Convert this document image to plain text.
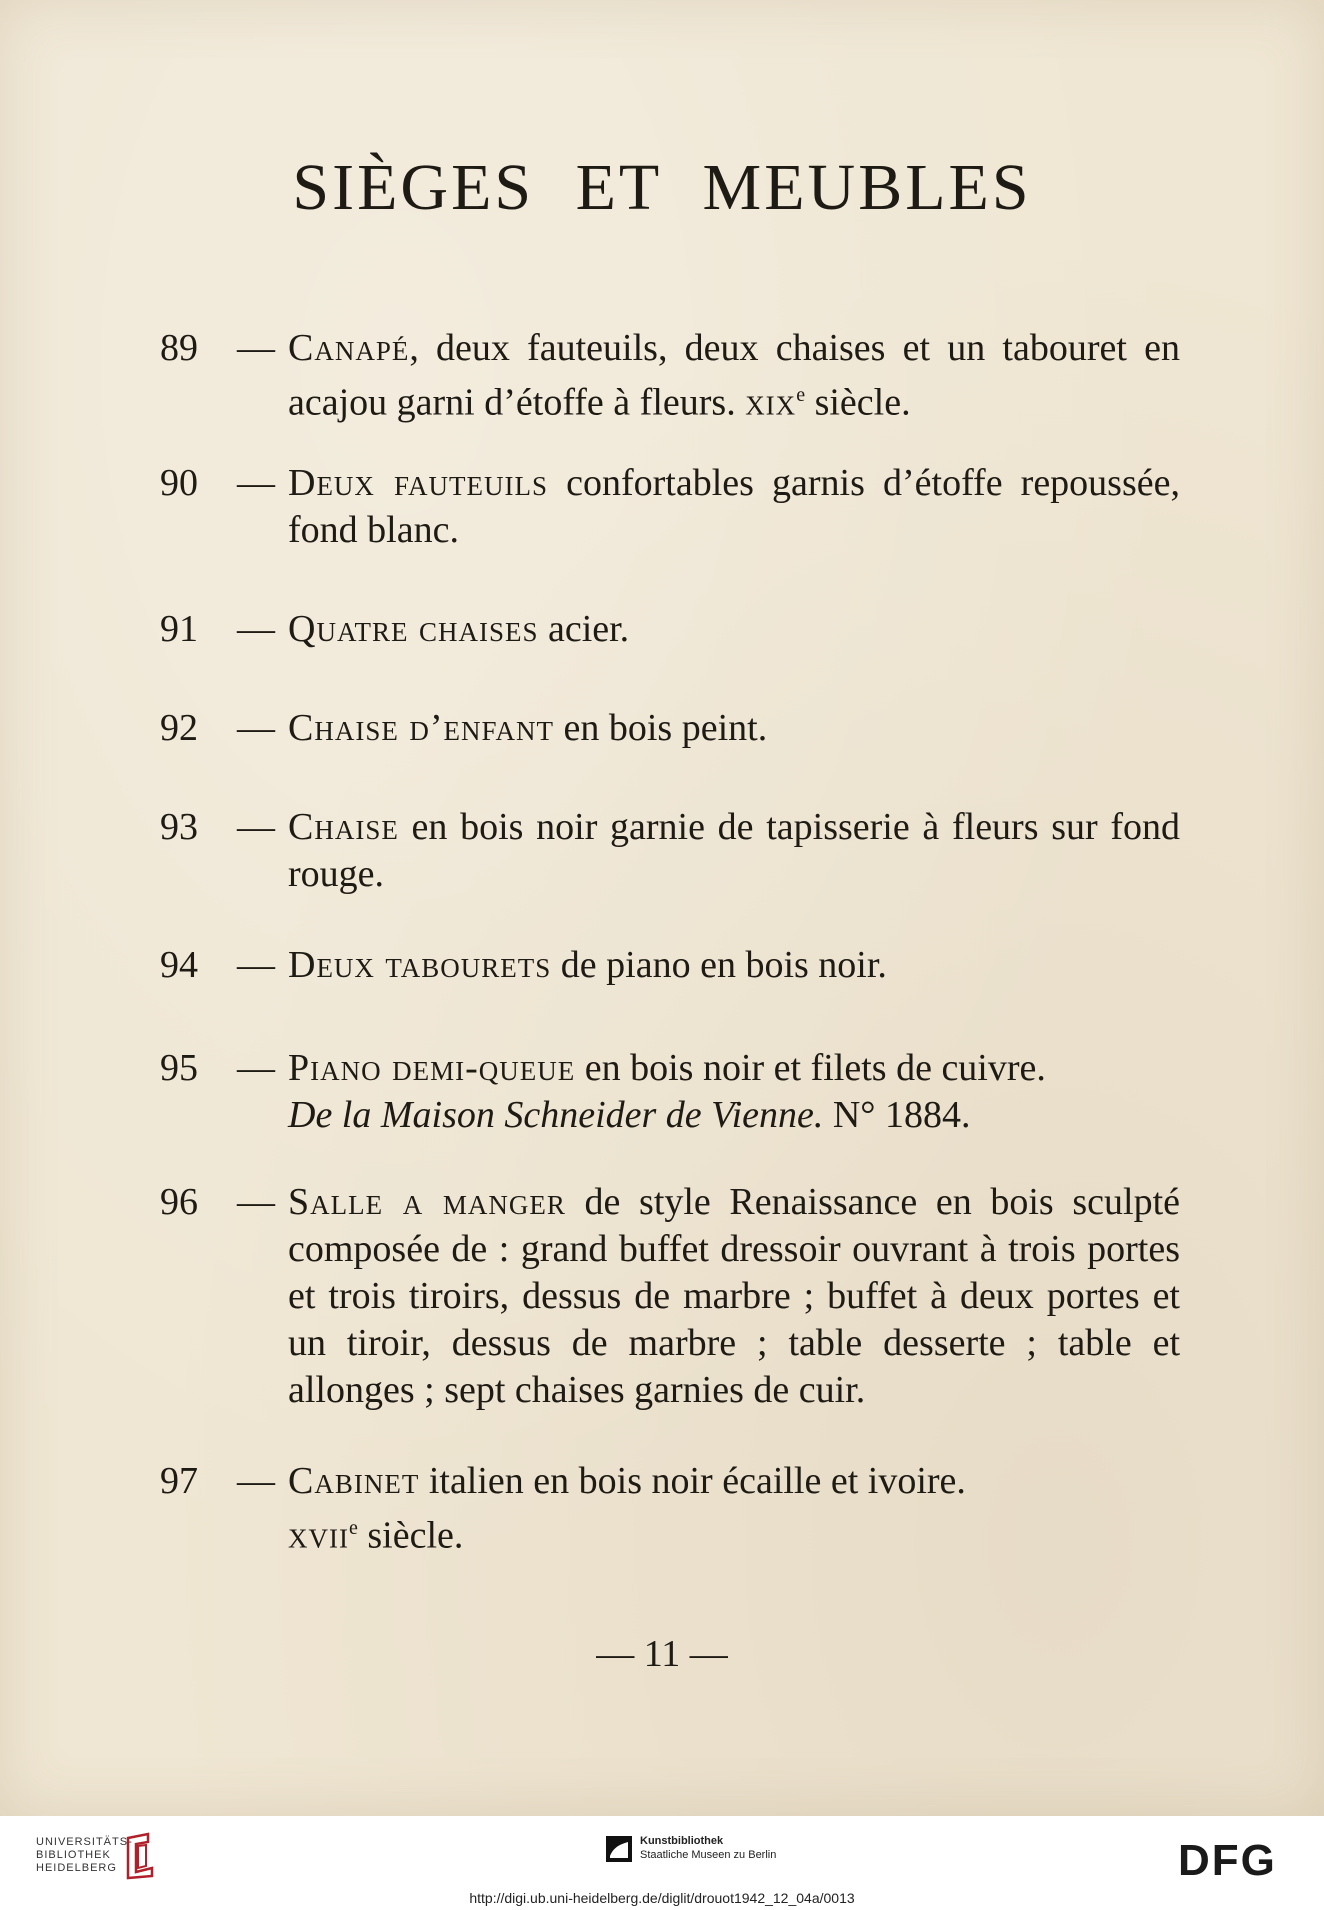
SIÈGES ET MEUBLES
89	— Canapé, deux fauteuils, deux chaises et un tabouret en acajou garni d’étoffe à fleurs. xix$^e$ siècle.
90	— Deux fauteuils confortables garnis d’étoffe repoussée, fond blanc.
91	— Quatre chaises acier.
92	— Chaise d’enfant en bois peint.
93	— Chaise en bois noir garnie de tapisserie à fleurs sur fond rouge.
94	— Deux tabourets de piano en bois noir.
95	— Piano demi-queue en bois noir et filets de cuivre.
De la Maison Schneider de Vienne. N° 1884.
96	— Salle a manger de style Renaissance en bois sculpté composée de : grand buffet dressoir ouvrant à trois portes et trois tiroirs, dessus de marbre ; buffet à deux portes et un tiroir, dessus de marbre ; table desserte ; table et allonges ; sept chaises garnies de cuir.
97	— Cabinet italien en bois noir écaille et ivoire.
xvii$^e$ siècle.
— 11 —
UNIVERSITÄTS-
BIBLIOTHEK
HEIDELBERG
Kunstbibliothek
Staatliche Museen zu Berlin	DFG
http://digi.ub.uni-heidelberg.de/diglit/drouot1942_12_04a/0013
